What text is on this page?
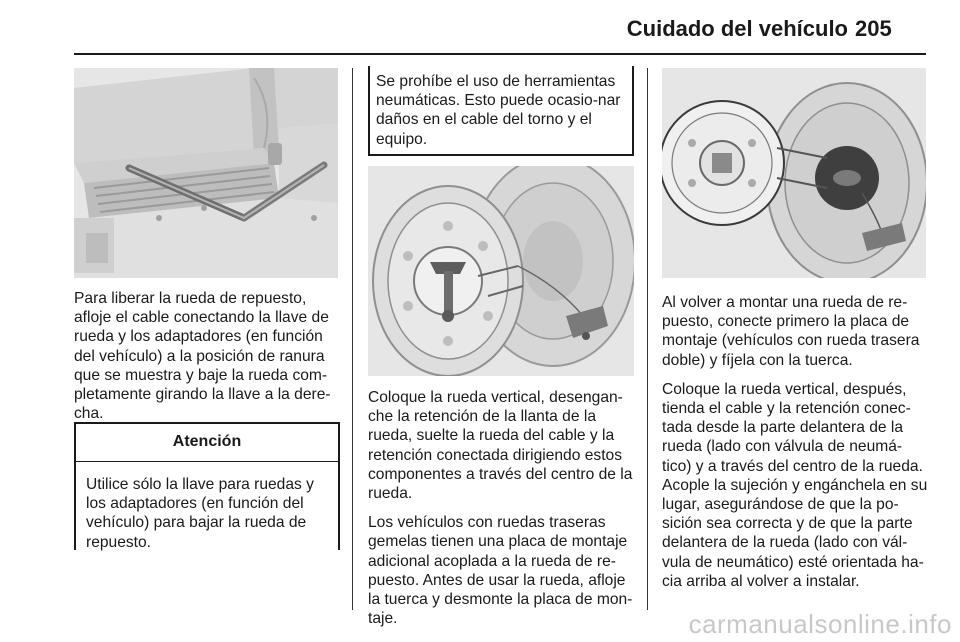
Cuidado del vehículo 205

Para liberar la rueda de repuesto, afloje el cable conectando la llave de rueda y los adaptadores (en función del vehículo) a la posición de ranura que se muestra y baje la rueda com-pletamente girando la llave a la dere-cha.

Atención
Utilice sólo la llave para ruedas y los adaptadores (en función del vehículo) para bajar la rueda de repuesto.
Se prohíbe el uso de herramientas neumáticas. Esto puede ocasio-nar daños en el cable del torno y el equipo.

Coloque la rueda vertical, desengan-che la retención de la llanta de la rueda, suelte la rueda del cable y la retención conectada dirigiendo estos componentes a través del centro de la rueda.

Los vehículos con ruedas traseras gemelas tienen una placa de montaje adicional acoplada a la rueda de re-puesto. Antes de usar la rueda, afloje la tuerca y desmonte la placa de mon-taje.

Al volver a montar una rueda de re-puesto, conecte primero la placa de montaje (vehículos con rueda trasera doble) y fíjela con la tuerca.

Coloque la rueda vertical, después, tienda el cable y la retención conec-tada desde la parte delantera de la rueda (lado con válvula de neumá-tico) y a través del centro de la rueda. Acople la sujeción y engánchela en su lugar, asegurándose de que la po-sición sea correcta y de que la parte delantera de la rueda (lado con vál-vula de neumático) esté orientada ha-cia arriba al volver a instalar.

carmanualsonline.info
